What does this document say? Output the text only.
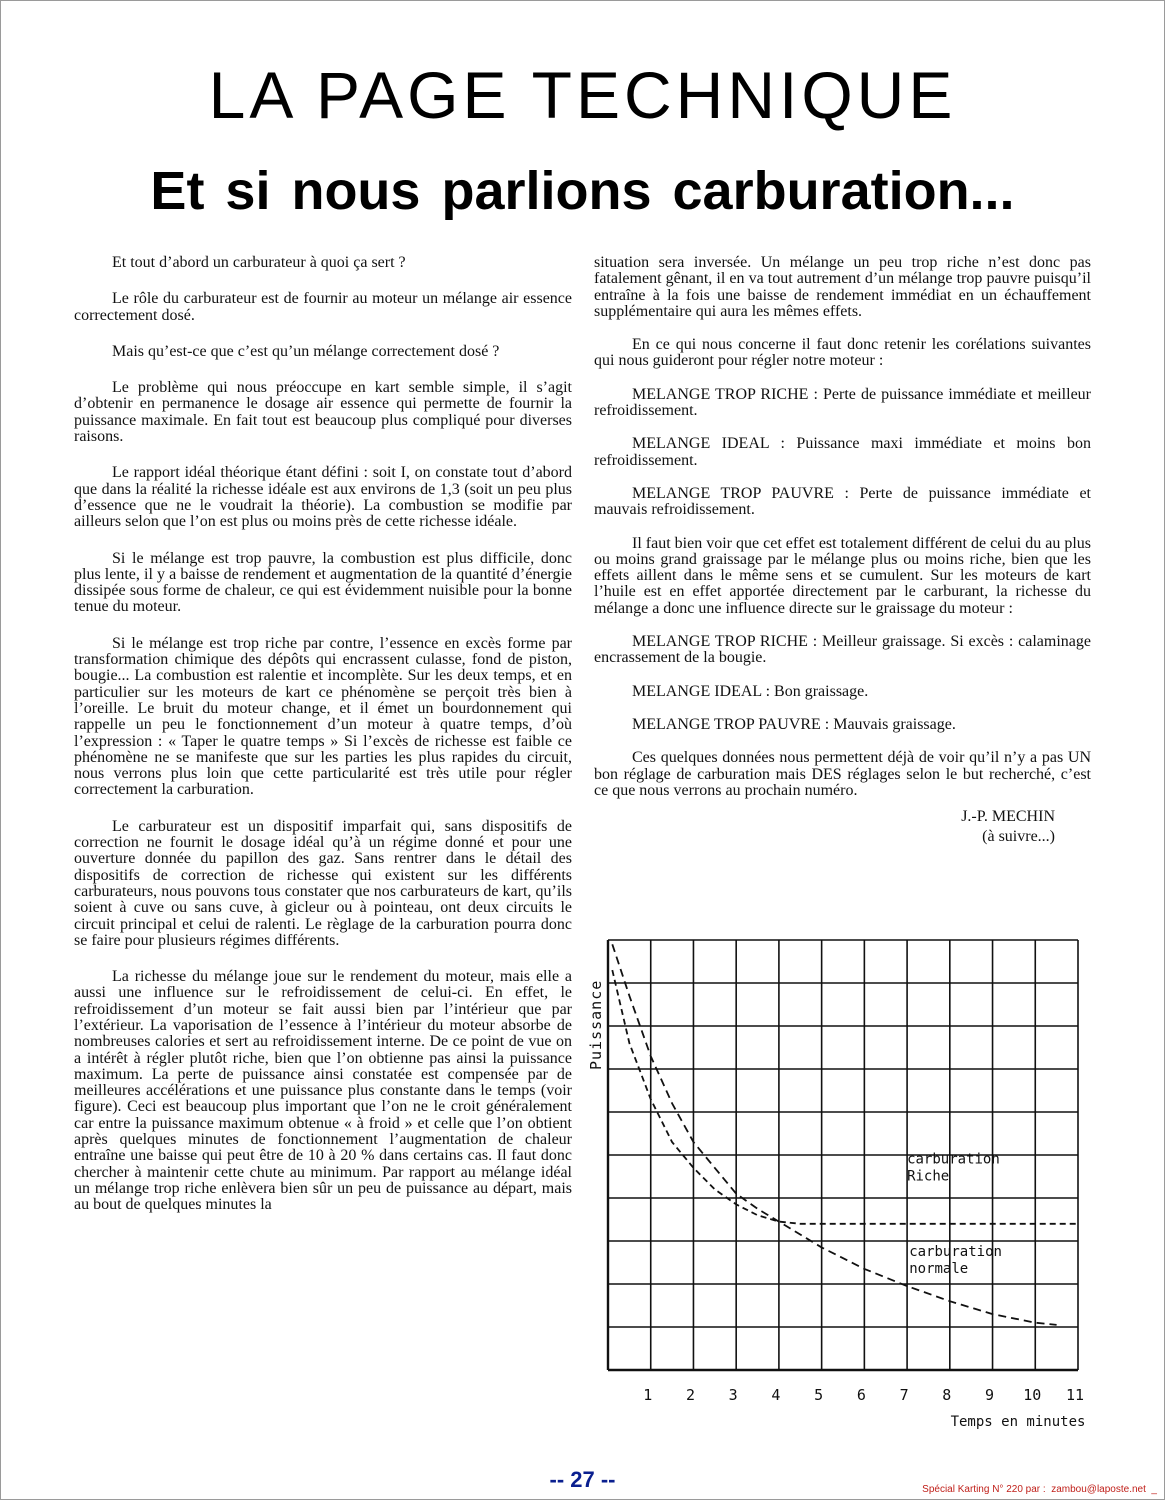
LA PAGE TECHNIQUE
Et si nous parlions carburation...

Et tout d’abord un carburateur à quoi ça sert ?

Le rôle du carburateur est de fournir au moteur un mélange air essence correctement dosé.

Mais qu’est-ce que c’est qu’un mélange correctement dosé ?

Le problème qui nous préoccupe en kart semble simple, il s’agit d’obtenir en permanence le dosage air essence qui permette de fournir la puissance maximale. En fait tout est beaucoup plus compliqué pour diverses raisons.

Le rapport idéal théorique étant défini : soit I, on constate tout d’abord que dans la réalité la richesse idéale est aux environs de 1,3 (soit un peu plus d’essence que ne le voudrait la théorie). La combustion se modifie par ailleurs selon que l’on est plus ou moins près de cette richesse idéale.

Si le mélange est trop pauvre, la combustion est plus difficile, donc plus lente, il y a baisse de rendement et augmentation de la quantité d’énergie dissipée sous forme de chaleur, ce qui est évidemment nuisible pour la bonne tenue du moteur.

Si le mélange est trop riche par contre, l’essence en excès forme par transformation chimique des dépôts qui encrassent culasse, fond de piston, bougie... La combustion est ralentie et incomplète. Sur les deux temps, et en particulier sur les moteurs de kart ce phénomène se perçoit très bien à l’oreille. Le bruit du moteur change, et il émet un bourdonnement qui rappelle un peu le fonctionnement d’un moteur à quatre temps, d’où l’expression : « Taper le quatre temps » Si l’excès de richesse est faible ce phénomène ne se manifeste que sur les parties les plus rapides du circuit, nous verrons plus loin que cette particularité est très utile pour régler correctement la carburation.

Le carburateur est un dispositif imparfait qui, sans dispositifs de correction ne fournit le dosage idéal qu’à un régime donné et pour une ouverture donnée du papillon des gaz. Sans rentrer dans le détail des dispositifs de correction de richesse qui existent sur les différents carburateurs, nous pouvons tous constater que nos carburateurs de kart, qu’ils soient à cuve ou sans cuve, à gicleur ou à pointeau, ont deux circuits le circuit principal et celui de ralenti. Le règlage de la carburation pourra donc se faire pour plusieurs régimes différents.

La richesse du mélange joue sur le rendement du moteur, mais elle a aussi une influence sur le refroidissement de celui-ci. En effet, le refroidissement d’un moteur se fait aussi bien par l’intérieur que par l’extérieur. La vaporisation de l’essence à l’intérieur du moteur absorbe de nombreuses calories et sert au refroidissement interne. De ce point de vue on a intérêt à régler plutôt riche, bien que l’on obtienne pas ainsi la puissance maximum. La perte de puissance ainsi constatée est compensée par de meilleures accélérations et une puissance plus constante dans le temps (voir figure). Ceci est beaucoup plus important que l’on ne le croit généralement car entre la puissance maximum obtenue « à froid » et celle que l’on obtient après quelques minutes de fonctionnement l’augmentation de chaleur entraîne une baisse qui peut être de 10 à 20 % dans certains cas. Il faut donc chercher à maintenir cette chute au minimum. Par rapport au mélange idéal un mélange trop riche enlèvera bien sûr un peu de puissance au départ, mais au bout de quelques minutes la

situation sera inversée. Un mélange un peu trop riche n’est donc pas fatalement gênant, il en va tout autrement d’un mélange trop pauvre puisqu’il entraîne à la fois une baisse de rendement immédiat en un échauffement supplémentaire qui aura les mêmes effets.

En ce qui nous concerne il faut donc retenir les corélations suivantes qui nous guideront pour régler notre moteur :

MELANGE TROP RICHE : Perte de puissance immédiate et meilleur refroidissement.

MELANGE IDEAL : Puissance maxi immédiate et moins bon refroidissement.

MELANGE TROP PAUVRE : Perte de puissance immédiate et mauvais refroidissement.

Il faut bien voir que cet effet est totalement différent de celui du au plus ou moins grand graissage par le mélange plus ou moins riche, bien que les effets aillent dans le même sens et se cumulent. Sur les moteurs de kart l’huile est en effet apportée directement par le carburant, la richesse du mélange a donc une influence directe sur le graissage du moteur :

MELANGE TROP RICHE : Meilleur graissage. Si excès : calaminage encrassement de la bougie.

MELANGE IDEAL : Bon graissage.

MELANGE TROP PAUVRE : Mauvais graissage.

Ces quelques données nous permettent déjà de voir qu’il n’y a pas UN bon réglage de carburation mais DES réglages selon le but recherché, c’est ce que nous verrons au prochain numéro.

J.-P. MECHIN

(à suivre...)

1 2 3 4 5 6 7 8 9 10 11
Puissance
Temps en minutes
carburation
Riche
carburation
normale
-- 27 --	Spécial Karting N° 220 par :  zambou@laposte.net  _
